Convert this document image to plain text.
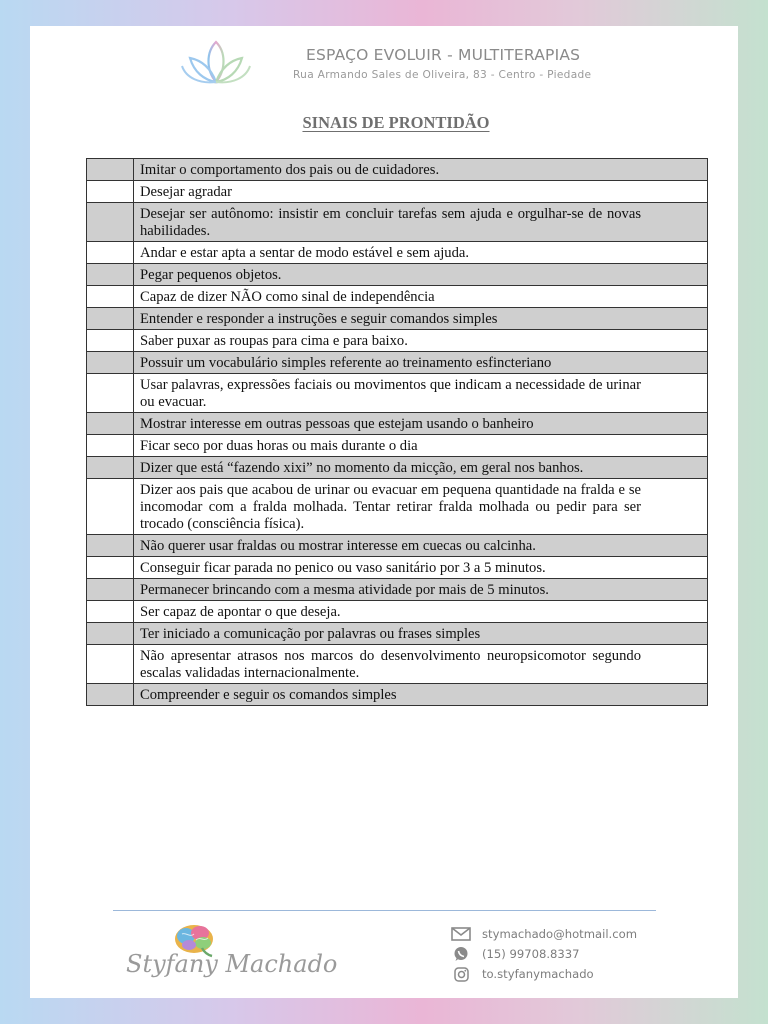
ESPAÇO EVOLUIR - MULTITERAPIAS
Rua Armando Sales de Oliveira, 83 - Centro - Piedade
SINAIS DE PRONTIDÃO
	Imitar o comportamento dos pais ou de cuidadores.
	Desejar agradar
	Desejar ser autônomo: insistir em concluir tarefas sem ajuda e orgulhar-se de novas habilidades.
	Andar e estar apta a sentar de modo estável e sem ajuda.
	Pegar pequenos objetos.
	Capaz de dizer NÃO como sinal de independência
	Entender e responder a instruções e seguir comandos simples
	Saber puxar as roupas para cima e para baixo.
	Possuir um vocabulário simples referente ao treinamento esfincteriano
	Usar palavras, expressões faciais ou movimentos que indicam a necessidade de urinar ou evacuar.
	Mostrar interesse em outras pessoas que estejam usando o banheiro
	Ficar seco por duas horas ou mais durante o dia
	Dizer que está “fazendo xixi” no momento da micção, em geral nos banhos.
	Dizer aos pais que acabou de urinar ou evacuar em pequena quantidade na fralda e se incomodar com a fralda molhada. Tentar retirar fralda molhada ou pedir para ser trocado (consciência física).
	Não querer usar fraldas ou mostrar interesse em cuecas ou calcinha.
	Conseguir ficar parada no penico ou vaso sanitário por 3 a 5 minutos.
	Permanecer brincando com a mesma atividade por mais de 5 minutos.
	Ser capaz de apontar o que deseja.
	Ter iniciado a comunicação por palavras ou frases simples
	Não apresentar atrasos nos marcos do desenvolvimento neuropsicomotor segundo escalas validadas internacionalmente.
	Compreender e seguir os comandos simples
Styfany Machado
stymachado@hotmail.com
(15) 99708.8337
to.styfanymachado
